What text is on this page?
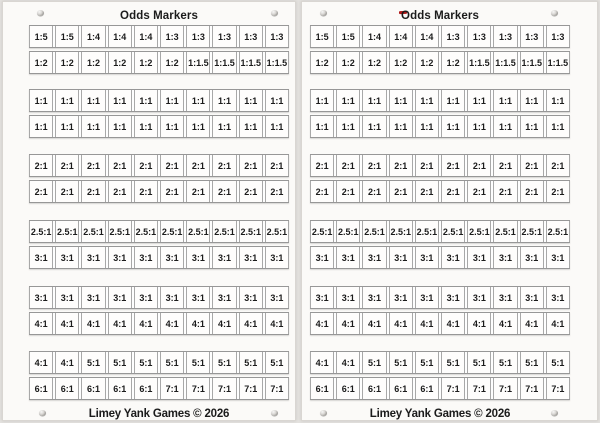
Odds Markers
1:5	1:5	1:4	1:4	1:4	1:3	1:3	1:3	1:3	1:3
1:2	1:2	1:2	1:2	1:2	1:2	1:1.5 1:1.5 1:1.5 1:1.5
1:1	1:1	1:1	1:1	1:1	1:1	1:1	1:1	1:1	1:1
1:1	1:1	1:1	1:1	1:1	1:1	1:1	1:1	1:1	1:1
2:1	2:1	2:1	2:1	2:1	2:1	2:1	2:1	2:1	2:1
2:1	2:1	2:1	2:1	2:1	2:1	2:1	2:1	2:1	2:1
2.5:1 2.5:1 2.5:1 2.5:1 2.5:1 2.5:1 2.5:1 2.5:1 2.5:1 2.5:1
3:1	3:1	3:1	3:1	3:1	3:1	3:1	3:1	3:1	3:1
3:1	3:1	3:1	3:1	3:1	3:1	3:1	3:1	3:1	3:1
4:1	4:1	4:1	4:1	4:1	4:1	4:1	4:1	4:1	4:1
4:1	4:1	5:1	5:1	5:1	5:1	5:1	5:1	5:1	5:1
6:1	6:1	6:1	6:1	6:1	7:1	7:1	7:1	7:1	7:1
Limey Yank Games © 2026
Odds Markers
1:5	1:5	1:4	1:4	1:4	1:3	1:3	1:3	1:3	1:3
1:2	1:2	1:2	1:2	1:2	1:2	1:1.5 1:1.5 1:1.5 1:1.5
1:1	1:1	1:1	1:1	1:1	1:1	1:1	1:1	1:1	1:1
1:1	1:1	1:1	1:1	1:1	1:1	1:1	1:1	1:1	1:1
2:1	2:1	2:1	2:1	2:1	2:1	2:1	2:1	2:1	2:1
2:1	2:1	2:1	2:1	2:1	2:1	2:1	2:1	2:1	2:1
2.5:1 2.5:1 2.5:1 2.5:1 2.5:1 2.5:1 2.5:1 2.5:1 2.5:1 2.5:1
3:1	3:1	3:1	3:1	3:1	3:1	3:1	3:1	3:1	3:1
3:1	3:1	3:1	3:1	3:1	3:1	3:1	3:1	3:1	3:1
4:1	4:1	4:1	4:1	4:1	4:1	4:1	4:1	4:1	4:1
4:1	4:1	5:1	5:1	5:1	5:1	5:1	5:1	5:1	5:1
6:1	6:1	6:1	6:1	6:1	7:1	7:1	7:1	7:1	7:1
Limey Yank Games © 2026
